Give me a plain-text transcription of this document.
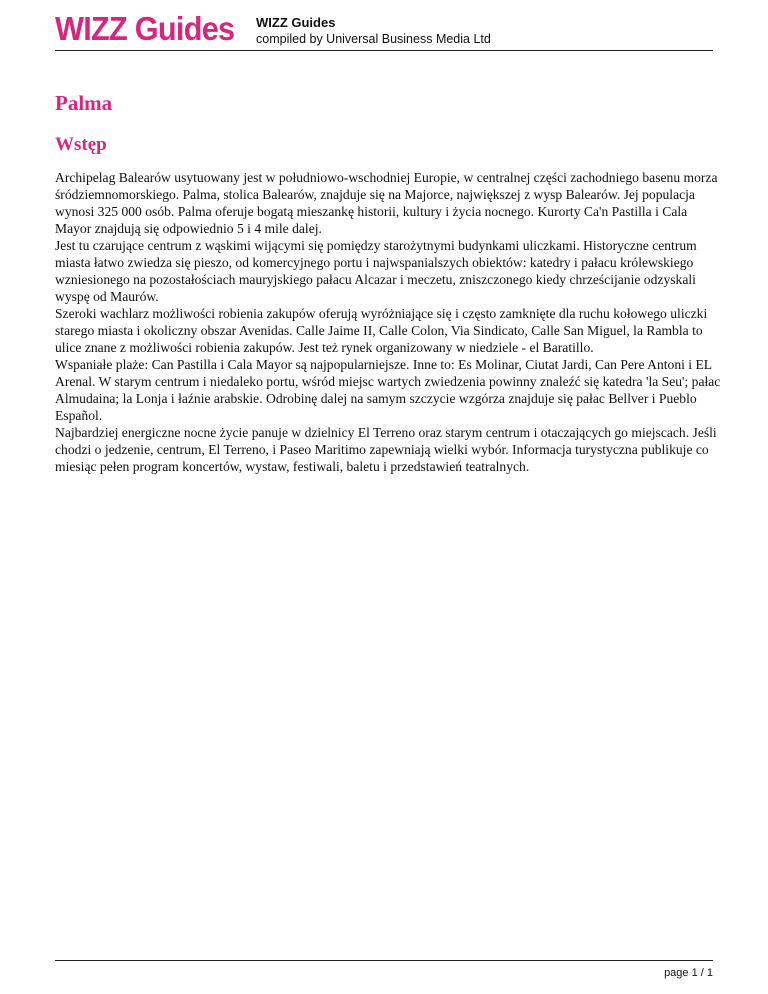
WIZZ Guides WIZZ Guides
compiled by Universal Business Media Ltd
Palma
Wstęp

Archipelag Balearów usytuowany jest w południowo-wschodniej Europie, w centralnej części zachodniego basenu morza śródziemnomorskiego. Palma, stolica Balearów, znajduje się na Majorce, największej z wysp Balearów. Jej populacja wynosi 325 000 osób. Palma oferuje bogatą mieszankę historii, kultury i życia nocnego. Kurorty Ca'n Pastilla i Cala Mayor znajdują się odpowiednio 5 i 4 mile dalej.

Jest tu czarujące centrum z wąskimi wijącymi się pomiędzy starożytnymi budynkami uliczkami. Historyczne centrum miasta łatwo zwiedza się pieszo, od komercyjnego portu i najwspanialszych obiektów: katedry i pałacu królewskiego wzniesionego na pozostałościach mauryjskiego pałacu Alcazar i meczetu, zniszczonego kiedy chrześcijanie odzyskali wyspę od Maurów.

Szeroki wachlarz możliwości robienia zakupów oferują wyróżniające się i często zamknięte dla ruchu kołowego uliczki starego miasta i okoliczny obszar Avenidas. Calle Jaime II, Calle Colon, Via Sindicato, Calle San Miguel, la Rambla to ulice znane z możliwości robienia zakupów. Jest też rynek organizowany w niedziele - el Baratillo.

Wspaniałe plaże: Can Pastilla i Cala Mayor są najpopularniejsze. Inne to: Es Molinar, Ciutat Jardi, Can Pere Antoni i EL Arenal. W starym centrum i niedaleko portu, wśród miejsc wartych zwiedzenia powinny znaleźć się katedra 'la Seu'; pałac Almudaina; la Lonja i łaźnie arabskie. Odrobinę dalej na samym szczycie wzgórza znajduje się pałac Bellver i Pueblo Español.

Najbardziej energiczne nocne życie panuje w dzielnicy El Terreno oraz starym centrum i otaczających go miejscach. Jeśli chodzi o jedzenie, centrum, El Terreno, i Paseo Maritimo zapewniają wielki wybór. Informacja turystyczna publikuje co miesiąc pełen program koncertów, wystaw, festiwali, baletu i przedstawień teatralnych.

page 1 / 1
